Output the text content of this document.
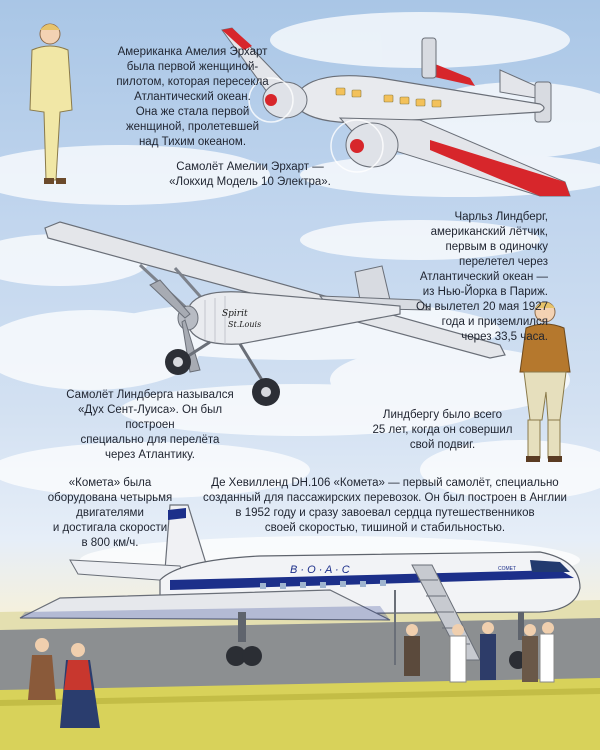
Spirit
St.Louis
B · O · A · C	COMET

Американка Амелия Эрхарт
была первой женщиной-
пилотом, которая пересекла
Атлантический океан.
Она же стала первой
женщиной, пролетевшей
над Тихим океаном.

Самолёт Амелии Эрхарт —
«Локхид Модель 10 Электра».

Чарльз Линдберг,
американский лётчик,
первым в одиночку
перелетел через
Атлантический океан —
из Нью-Йорка в Париж.
Он вылетел 20 мая 1927
года и приземлился
через 33,5 часа.

Самолёт Линдберга назывался
«Дух Сент-Луиса». Он был построен
специально для перелёта
через Атлантику.

Линдбергу было всего
25 лет, когда он совершил
свой подвиг.

«Комета» была
оборудована четырьмя
двигателями
и достигала скорости
в 800 км/ч.

Де Хевилленд DH.106 «Комета» — первый самолёт, специально
созданный для пассажирских перевозок. Он был построен в Англии
в 1952 году и сразу завоевал сердца путешественников
своей скоростью, тишиной и стабильностью.
